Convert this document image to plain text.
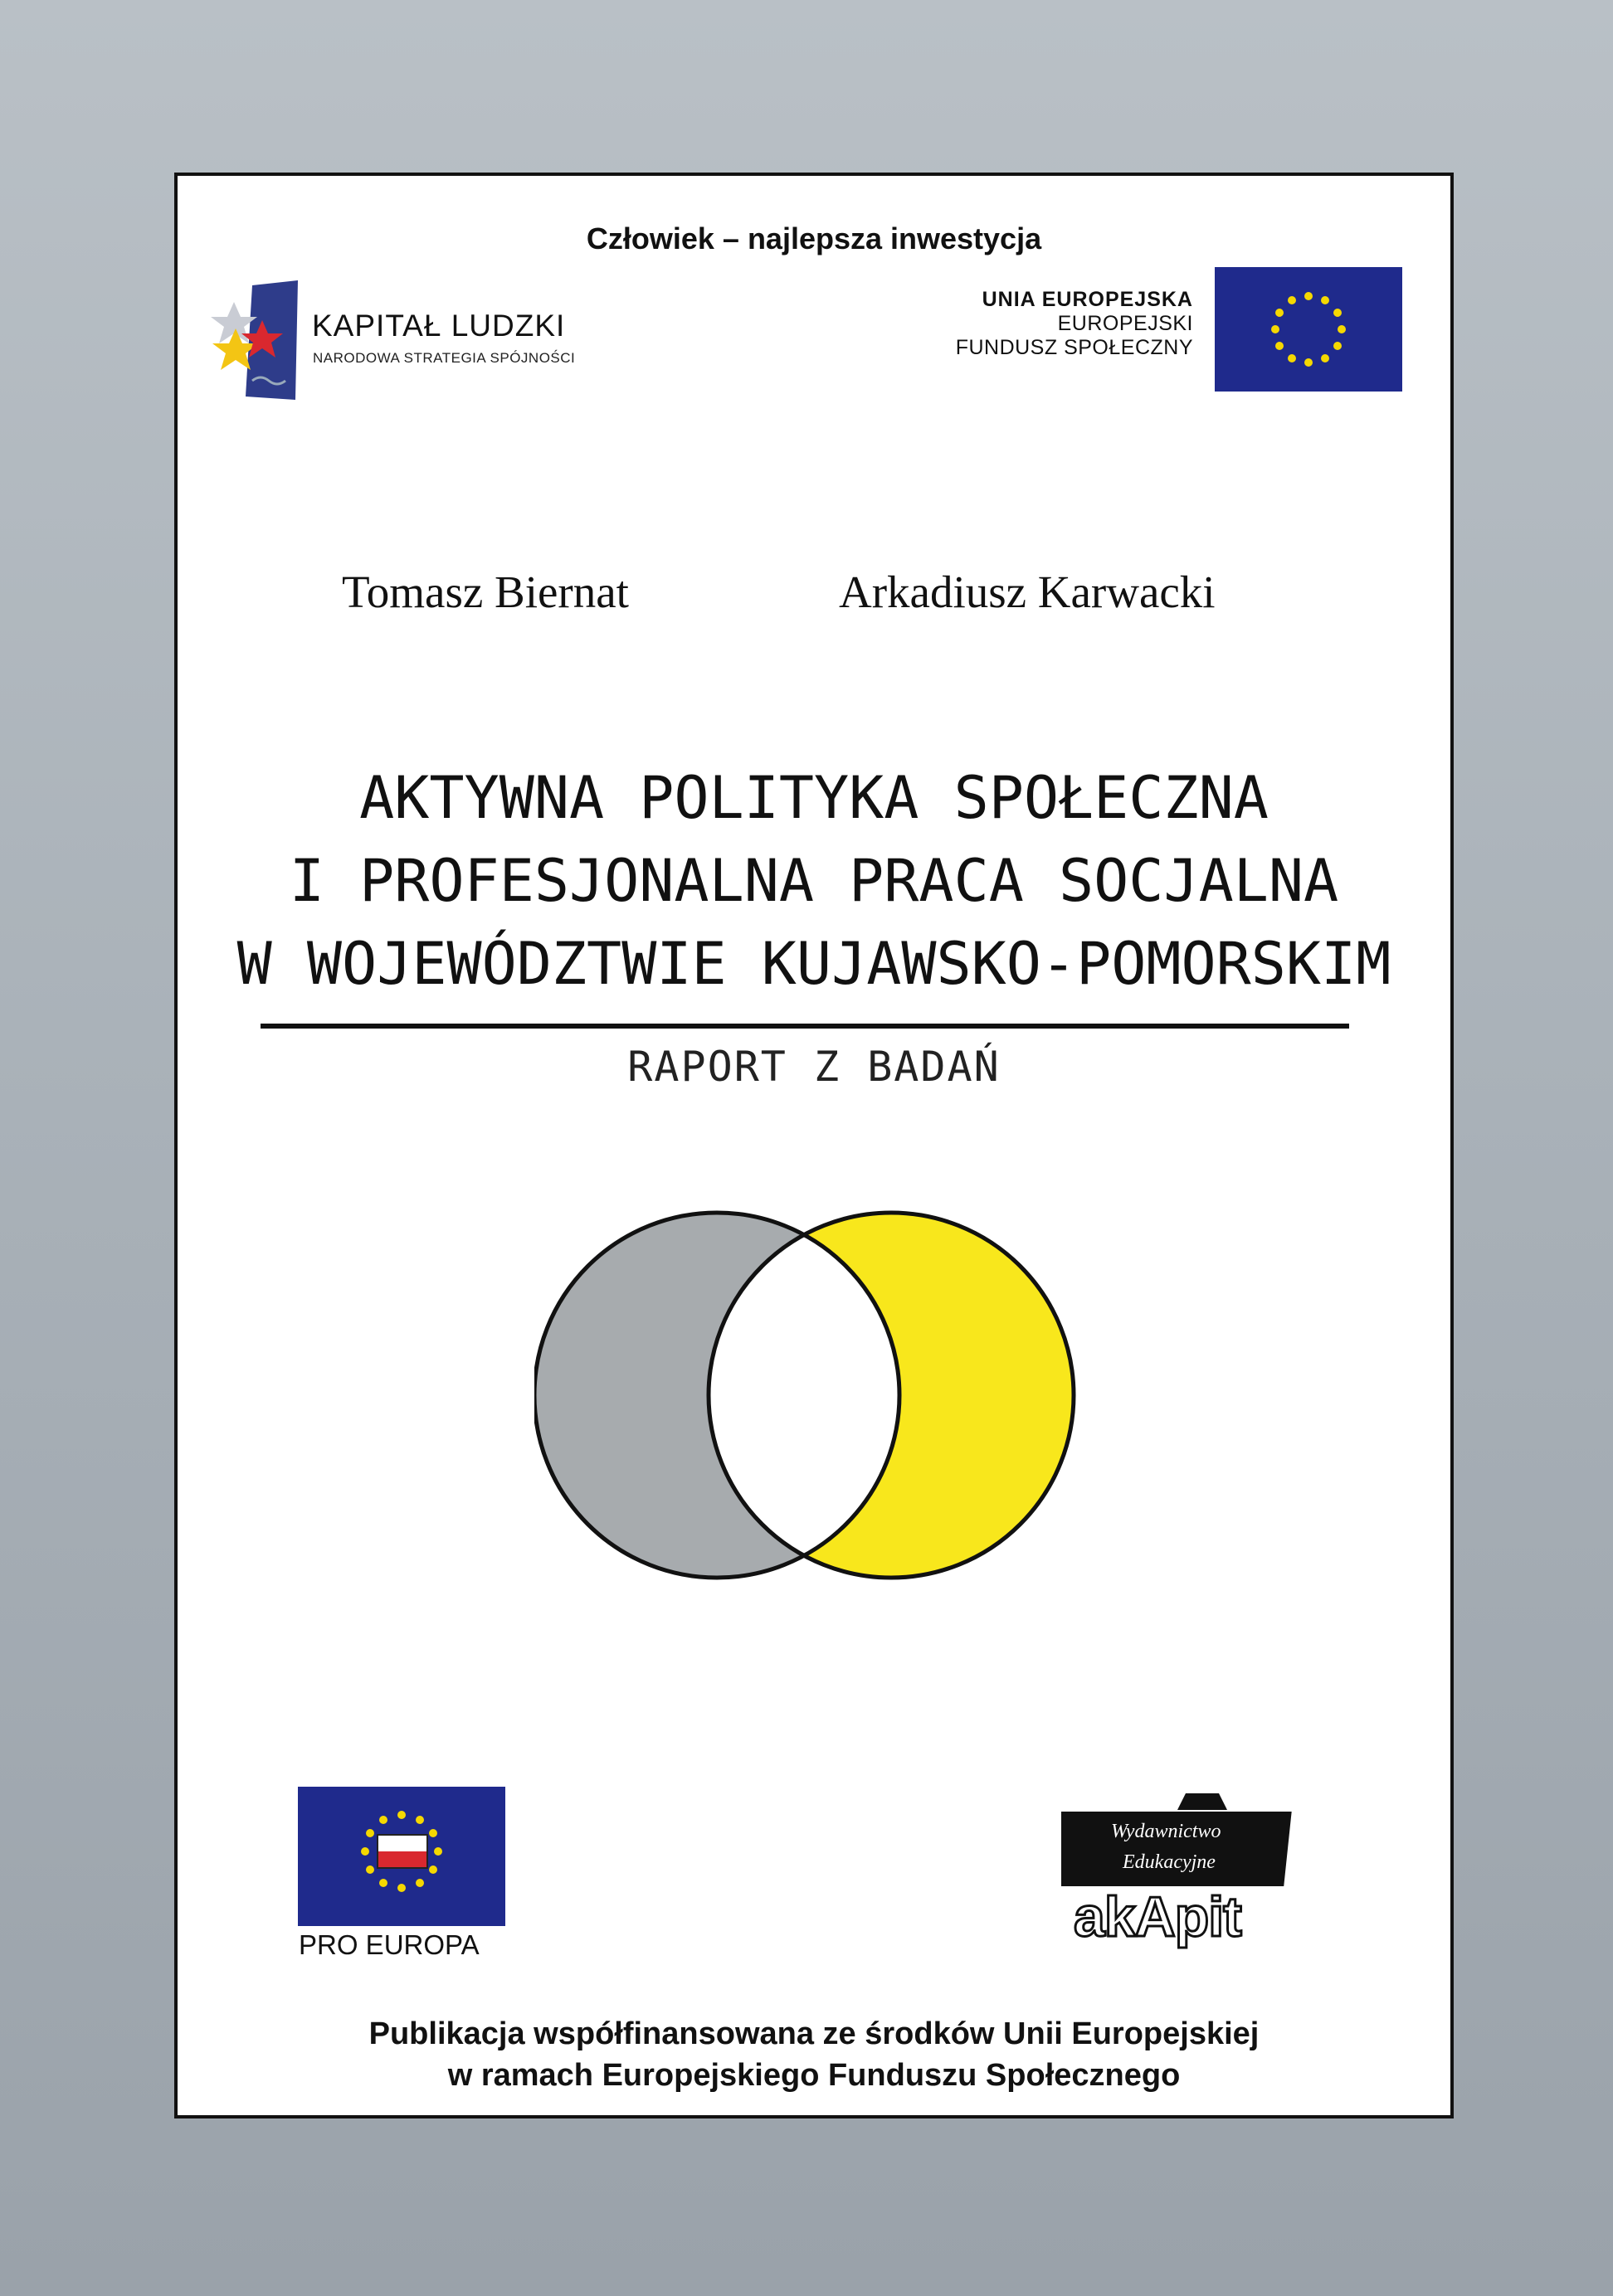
Człowiek – najlepsza inwestycja
KAPITAŁ LUDZKI
NARODOWA STRATEGIA SPÓJNOŚCI
UNIA EUROPEJSKA
EUROPEJSKI
FUNDUSZ SPOŁECZNY
Tomasz Biernat	Arkadiusz Karwacki
AKTYWNA POLITYKA SPOŁECZNA
I PROFESJONALNA PRACA SOCJALNA
W WOJEWÓDZTWIE KUJAWSKO-POMORSKIM
RAPORT Z BADAŃ
PRO EUROPA
Wydawnictwo
Edukacyjne
akApit
Publikacja współfinansowana ze środków Unii Europejskiej
w ramach Europejskiego Funduszu Społecznego
